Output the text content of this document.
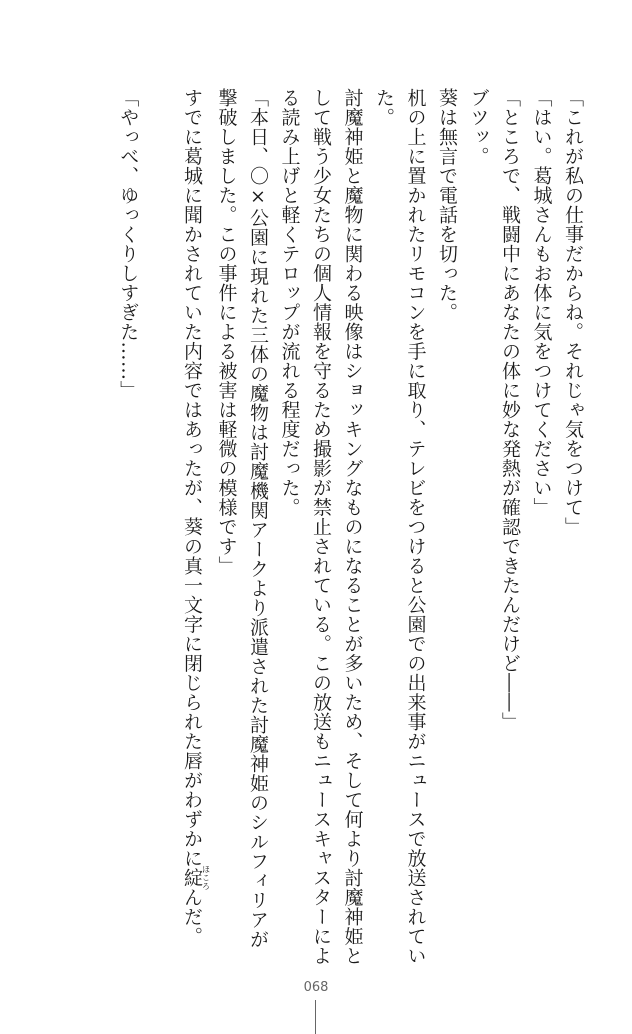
「これが私の仕事だからね。それじゃ気をつけて」

「はい。葛城さんもお体に気をつけてください」

「ところで、戦闘中にあなたの体に妙な発熱が確認できたんだけど――」

ブツッ。

葵は無言で電話を切った。

机の上に置かれたリモコンを手に取り、テレビをつけると公園での出来事がニュースで放送されていた。

討魔神姫と魔物に関わる映像はショッキングなものになることが多いため、そして何より討魔神姫として戦う少女たちの個人情報を守るため撮影が禁止されている。この放送もニュースキャスターによる読み上げと軽くテロップが流れる程度だった。

「本日、〇×公園に現れた三体の魔物は討魔機関アークより派遣された討魔神姫のシルフィリアが撃破しました。この事件による被害は軽微の模様です」

すでに葛城に聞かされていた内容ではあったが、葵の真一文字に閉じられた唇がわずかに綻ほころんだ。

「やっべ、ゆっくりしすぎた……」

068
